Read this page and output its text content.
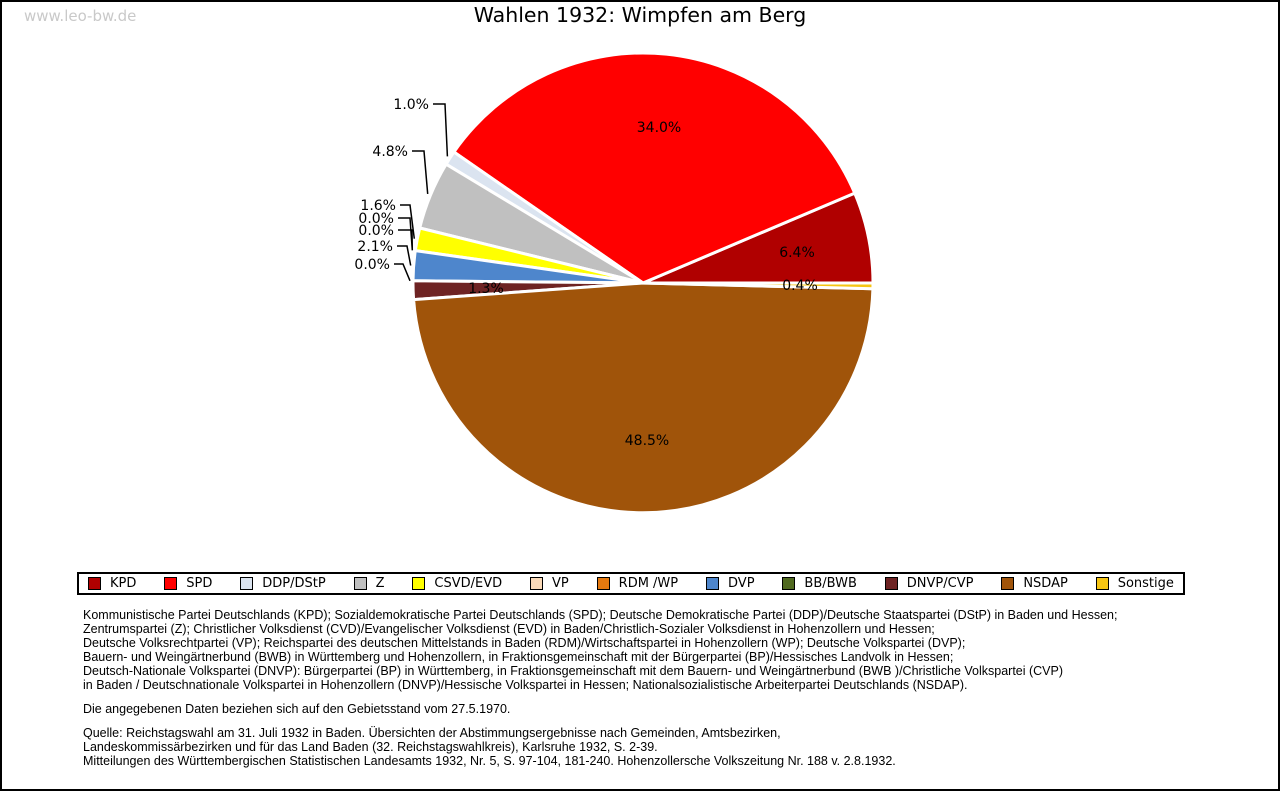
www.leo-bw.de	Wahlen 1932: Wimpfen am Berg
6.4%
34.0%
1.0%
4.8%
1.6%
0.0%
0.0%
2.1%
0.0%
1.3%
48.5%
0.4%
KPD	SPD	DDP/DStP	Z	CSVD/EVD	VP	RDM /WP	DVP	BB/BWB	DNVP/CVP	NSDAP	Sonstige
Kommunistische Partei Deutschlands (KPD); Sozialdemokratische Partei Deutschlands (SPD); Deutsche Demokratische Partei (DDP)/Deutsche Staatspartei (DStP) in Baden und Hessen;
Zentrumspartei (Z); Christlicher Volksdienst (CVD)/Evangelischer Volksdienst (EVD) in Baden/Christlich-Sozialer Volksdienst in Hohenzollern und Hessen;
Deutsche Volksrechtpartei (VP); Reichspartei des deutschen Mittelstands in Baden (RDM)/Wirtschaftspartei in Hohenzollern (WP); Deutsche Volkspartei (DVP);
Bauern- und Weingärtnerbund (BWB) in Württemberg und Hohenzollern, in Fraktionsgemeinschaft mit der Bürgerpartei (BP)/Hessisches Landvolk in Hessen;
Deutsch-Nationale Volkspartei (DNVP): Bürgerpartei (BP) in Württemberg, in Fraktionsgemeinschaft mit dem Bauern- und Weingärtnerbund (BWB )/Christliche Volkspartei (CVP)
in Baden / Deutschnationale Volkspartei in Hohenzollern (DNVP)/Hessische Volkspartei in Hessen; Nationalsozialistische Arbeiterpartei Deutschlands (NSDAP).
Die angegebenen Daten beziehen sich auf den Gebietsstand vom 27.5.1970.
Quelle: Reichstagswahl am 31. Juli 1932 in Baden. Übersichten der Abstimmungsergebnisse nach Gemeinden, Amtsbezirken,
Landeskommissärbezirken und für das Land Baden (32. Reichstagswahlkreis), Karlsruhe 1932, S. 2-39.
Mitteilungen des Württembergischen Statistischen Landesamts 1932, Nr. 5, S. 97-104, 181-240. Hohenzollersche Volkszeitung Nr. 188 v. 2.8.1932.
